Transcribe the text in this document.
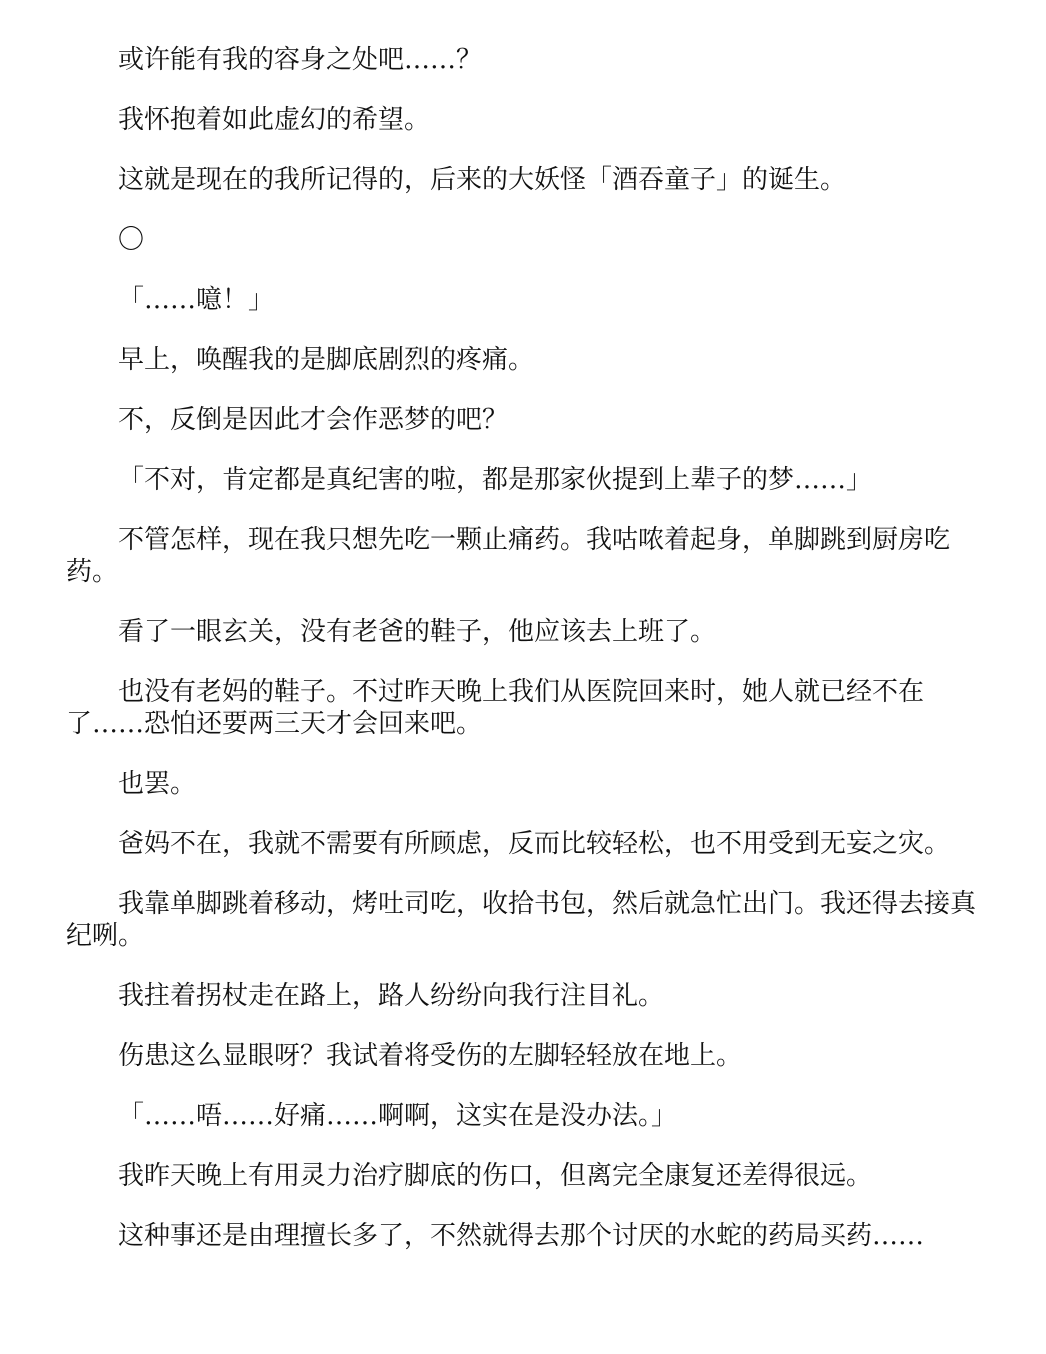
或许能有我的容身之处吧……？

我怀抱着如此虚幻的希望。

这就是现在的我所记得的，后来的大妖怪「酒吞童子」的诞生。

〇

「……噫！」

早上，唤醒我的是脚底剧烈的疼痛。

不，反倒是因此才会作恶梦的吧？

「不对，肯定都是真纪害的啦，都是那家伙提到上辈子的梦……」

不管怎样，现在我只想先吃一颗止痛药。我咕哝着起身，单脚跳到厨房吃药。

看了一眼玄关，没有老爸的鞋子，他应该去上班了。

也没有老妈的鞋子。不过昨天晚上我们从医院回来时，她人就已经不在了……恐怕还要两三天才会回来吧。

也罢。

爸妈不在，我就不需要有所顾虑，反而比较轻松，也不用受到无妄之灾。

我靠单脚跳着移动，烤吐司吃，收拾书包，然后就急忙出门。我还得去接真纪咧。

我拄着拐杖走在路上，路人纷纷向我行注目礼。

伤患这么显眼呀？我试着将受伤的左脚轻轻放在地上。

「……唔……好痛……啊啊，这实在是没办法。」

我昨天晚上有用灵力治疗脚底的伤口，但离完全康复还差得很远。

这种事还是由理擅长多了，不然就得去那个讨厌的水蛇的药局买药……
